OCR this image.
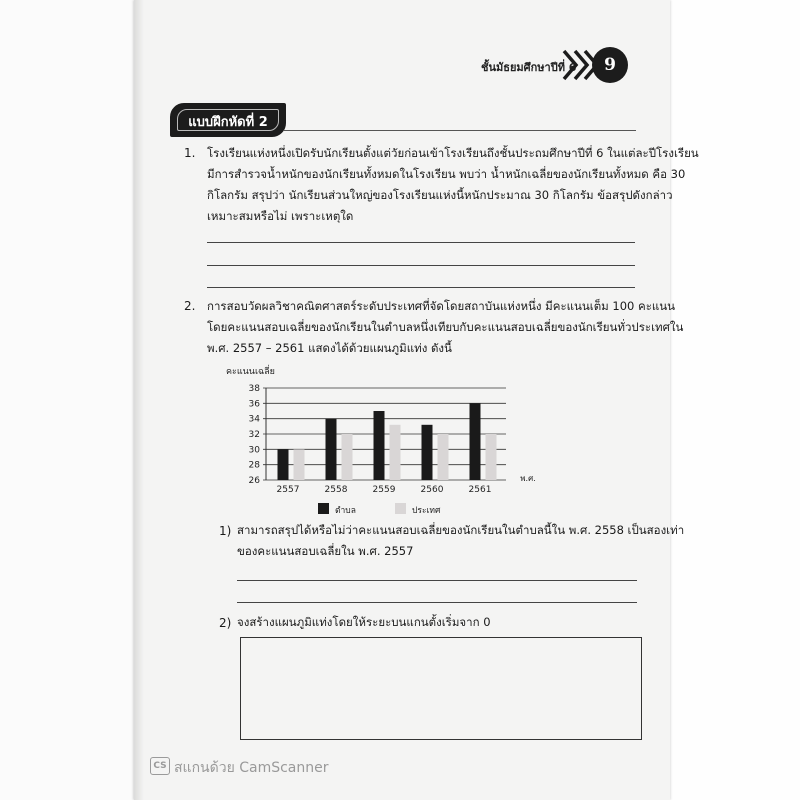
ชั้นมัธยมศึกษาปีที่ 6	9
แบบฝึกหัดที่ 2
1. โรงเรียนแห่งหนึ่งเปิดรับนักเรียนตั้งแต่วัยก่อนเข้าโรงเรียนถึงชั้นประถมศึกษาปีที่ 6 ในแต่ละปีโรงเรียน
มีการสำรวจน้ำหนักของนักเรียนทั้งหมดในโรงเรียน พบว่า น้ำหนักเฉลี่ยของนักเรียนทั้งหมด คือ 30
กิโลกรัม สรุปว่า นักเรียนส่วนใหญ่ของโรงเรียนแห่งนี้หนักประมาณ 30 กิโลกรัม ข้อสรุปดังกล่าว
เหมาะสมหรือไม่ เพราะเหตุใด
2. การสอบวัดผลวิชาคณิตศาสตร์ระดับประเทศที่จัดโดยสถาบันแห่งหนึ่ง มีคะแนนเต็ม 100 คะแนน
โดยคะแนนสอบเฉลี่ยของนักเรียนในตำบลหนึ่งเทียบกับคะแนนสอบเฉลี่ยของนักเรียนทั่วประเทศใน
พ.ศ. 2557 – 2561 แสดงได้ด้วยแผนภูมิแท่ง ดังนี้
คะแนนเฉลี่ย
26
28
30
32
34
36
38
2557	2558	2559	2560	2561
พ.ศ.
ตำบล	ประเทศ
1) สามารถสรุปได้หรือไม่ว่าคะแนนสอบเฉลี่ยของนักเรียนในตำบลนี้ใน พ.ศ. 2558 เป็นสองเท่า
ของคะแนนสอบเฉลี่ยใน พ.ศ. 2557
2) จงสร้างแผนภูมิแท่งโดยให้ระยะบนแกนตั้งเริ่มจาก 0
CS สแกนด้วย CamScanner
